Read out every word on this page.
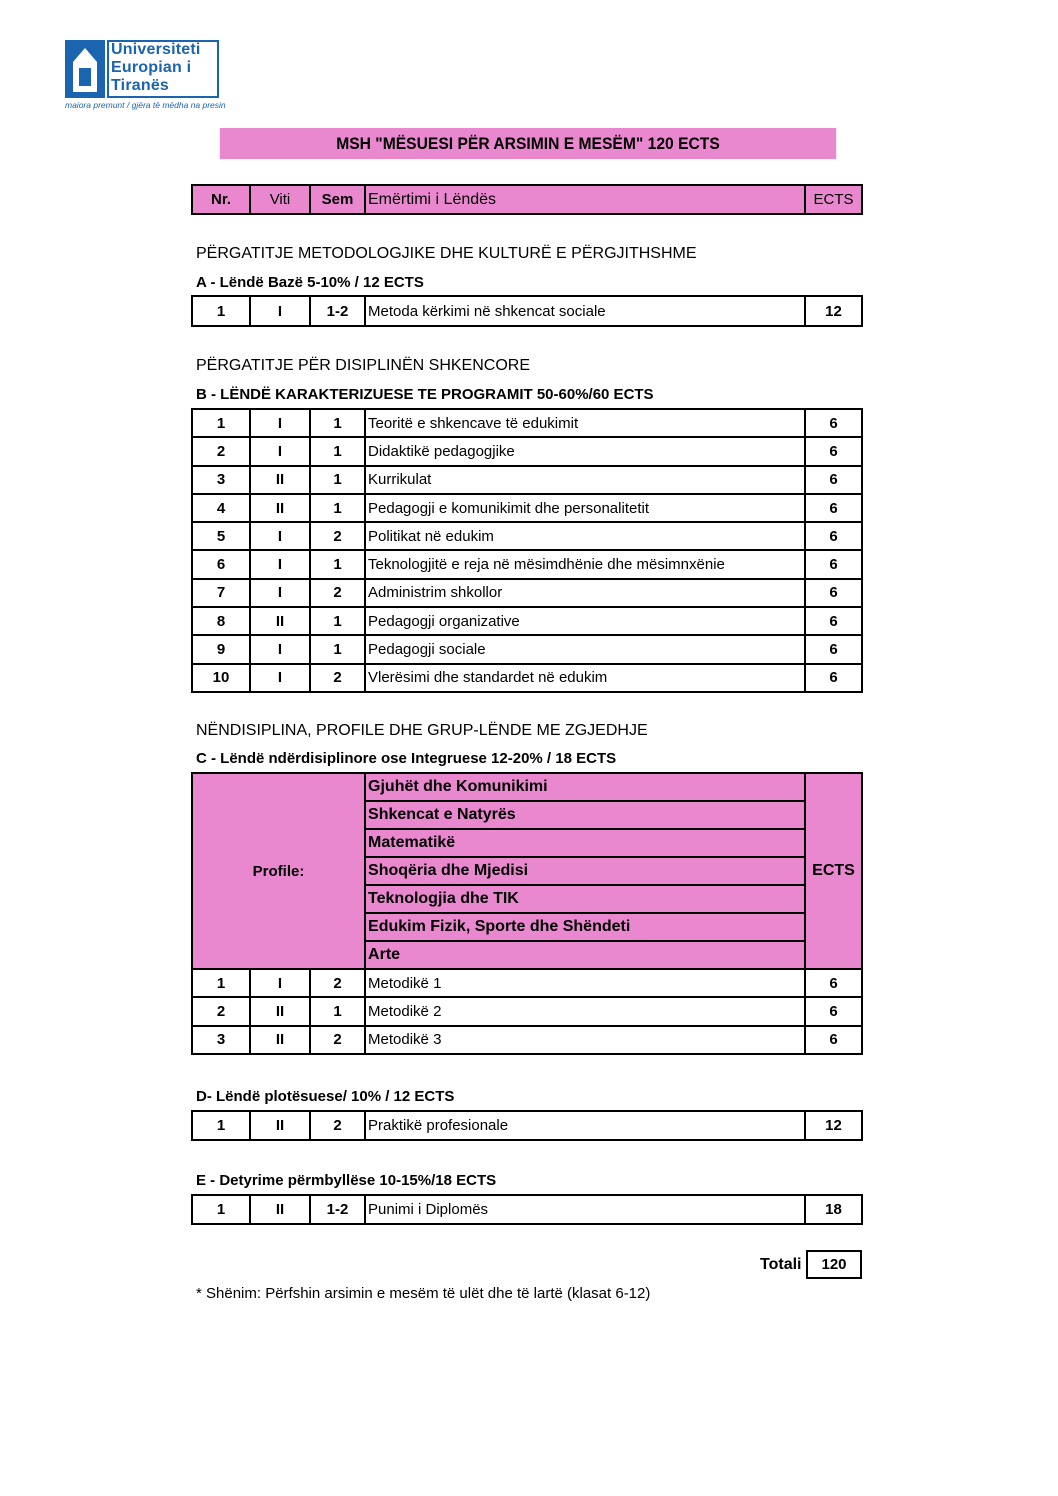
Universiteti
Europian i
Tiranës
maiora premunt / gjëra të mëdha na presin
MSH "MËSUESI PËR ARSIMIN E MESËM" 120 ECTS
Nr.	Viti	Sem	Emërtimi i Lëndës	ECTS
PËRGATITJE METODOLOGJIKE DHE KULTURË E PËRGJITHSHME
A - Lëndë Bazë 5-10% / 12 ECTS
1	I	1-2	Metoda kërkimi në shkencat sociale	12
PËRGATITJE PËR DISIPLINËN SHKENCORE
B - LËNDË KARAKTERIZUESE TE PROGRAMIT 50-60%/60 ECTS
1	I	1	Teoritë e shkencave të edukimit	6
2	I	1	Didaktikë pedagogjike	6
3	II	1	Kurrikulat	6
4	II	1	Pedagogji e komunikimit dhe personalitetit	6
5	I	2	Politikat në edukim	6
6	I	1	Teknologjitë e reja në mësimdhënie dhe mësimnxënie	6
7	I	2	Administrim shkollor	6
8	II	1	Pedagogji organizative	6
9	I	1	Pedagogji sociale	6
10	I	2	Vlerësimi dhe standardet në edukim	6
NËNDISIPLINA, PROFILE DHE GRUP-LËNDE ME ZGJEDHJE
C - Lëndë ndërdisiplinore ose Integruese 12-20% / 18 ECTS
Profile:			Gjuhët dhe Komunikimi	ECTS
			Shkencat e Natyrës	
			Matematikë	
			Shoqëria dhe Mjedisi	
			Teknologjia dhe TIK	
			Edukim Fizik, Sporte dhe Shëndeti	
			Arte	
1	I	2	Metodikë 1	6
2	II	1	Metodikë 2	6
3	II	2	Metodikë 3	6
D- Lëndë plotësuese/ 10% / 12 ECTS
1	II	2	Praktikë profesionale	12
E - Detyrime përmbyllëse 10-15%/18 ECTS
1	II	1-2	Punimi i Diplomës	18
Totali	120
* Shënim: Përfshin arsimin e mesëm të ulët dhe të lartë (klasat 6-12)
